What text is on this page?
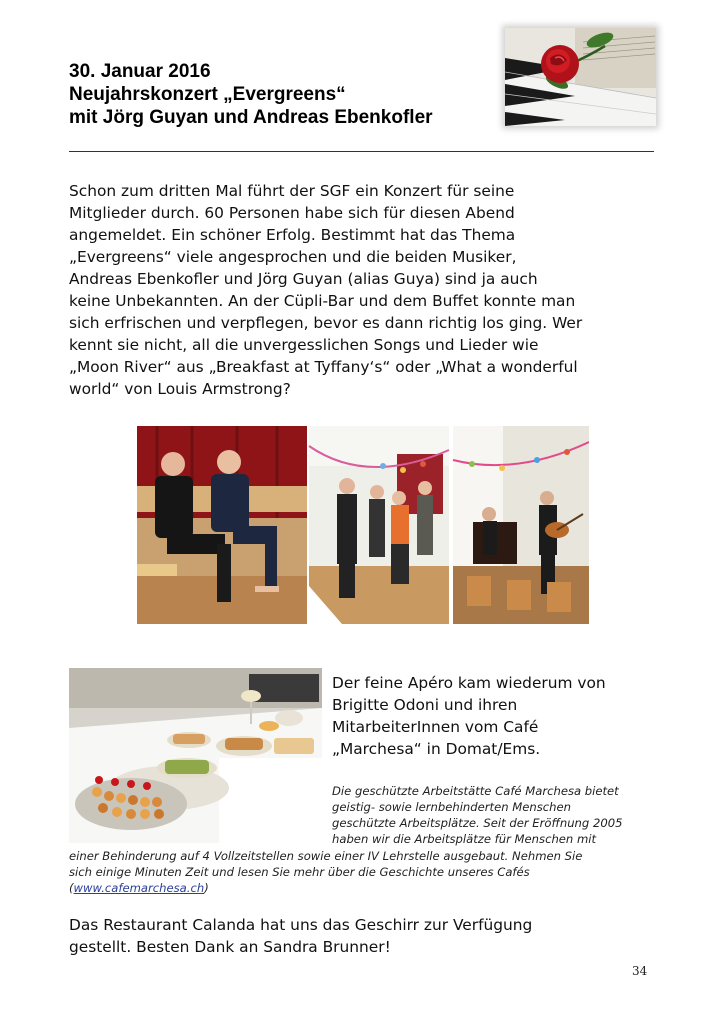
30. Januar 2016
Neujahrskonzert „Evergreens“
mit Jörg Guyan und Andreas Ebenkofler
Schon zum dritten Mal führt der SGF ein Konzert für seine
Mitglieder durch. 60 Personen habe sich für diesen Abend
angemeldet. Ein schöner Erfolg. Bestimmt hat das Thema
„Evergreens“ viele angesprochen und die beiden Musiker,
Andreas Ebenkofler und Jörg Guyan (alias Guya) sind ja auch
keine Unbekannten. An der Cüpli-Bar und dem Buffet konnte man
sich erfrischen und verpflegen, bevor es dann richtig los ging. Wer
kennt sie nicht, all die unvergesslichen Songs und Lieder wie
„Moon River“ aus „Breakfast at Tyffany‘s“ oder „What a wonderful
world“ von Louis Armstrong?
Der feine Apéro kam wiederum von
Brigitte Odoni und ihren
MitarbeiterInnen vom Café
„Marchesa“ in Domat/Ems.
Die geschützte Arbeitstätte Café Marchesa bietet
geistig- sowie lernbehinderten Menschen
geschützte Arbeitsplätze. Seit der Eröffnung 2005
haben wir die Arbeitsplätze für Menschen mit
einer Behinderung auf 4 Vollzeitstellen sowie einer IV Lehrstelle ausgebaut. Nehmen Sie
sich einige Minuten Zeit und lesen Sie mehr über die Geschichte unseres Cafés
(www.cafemarchesa.ch)
Das Restaurant Calanda hat uns das Geschirr zur Verfügung
gestellt. Besten Dank an Sandra Brunner!
34
